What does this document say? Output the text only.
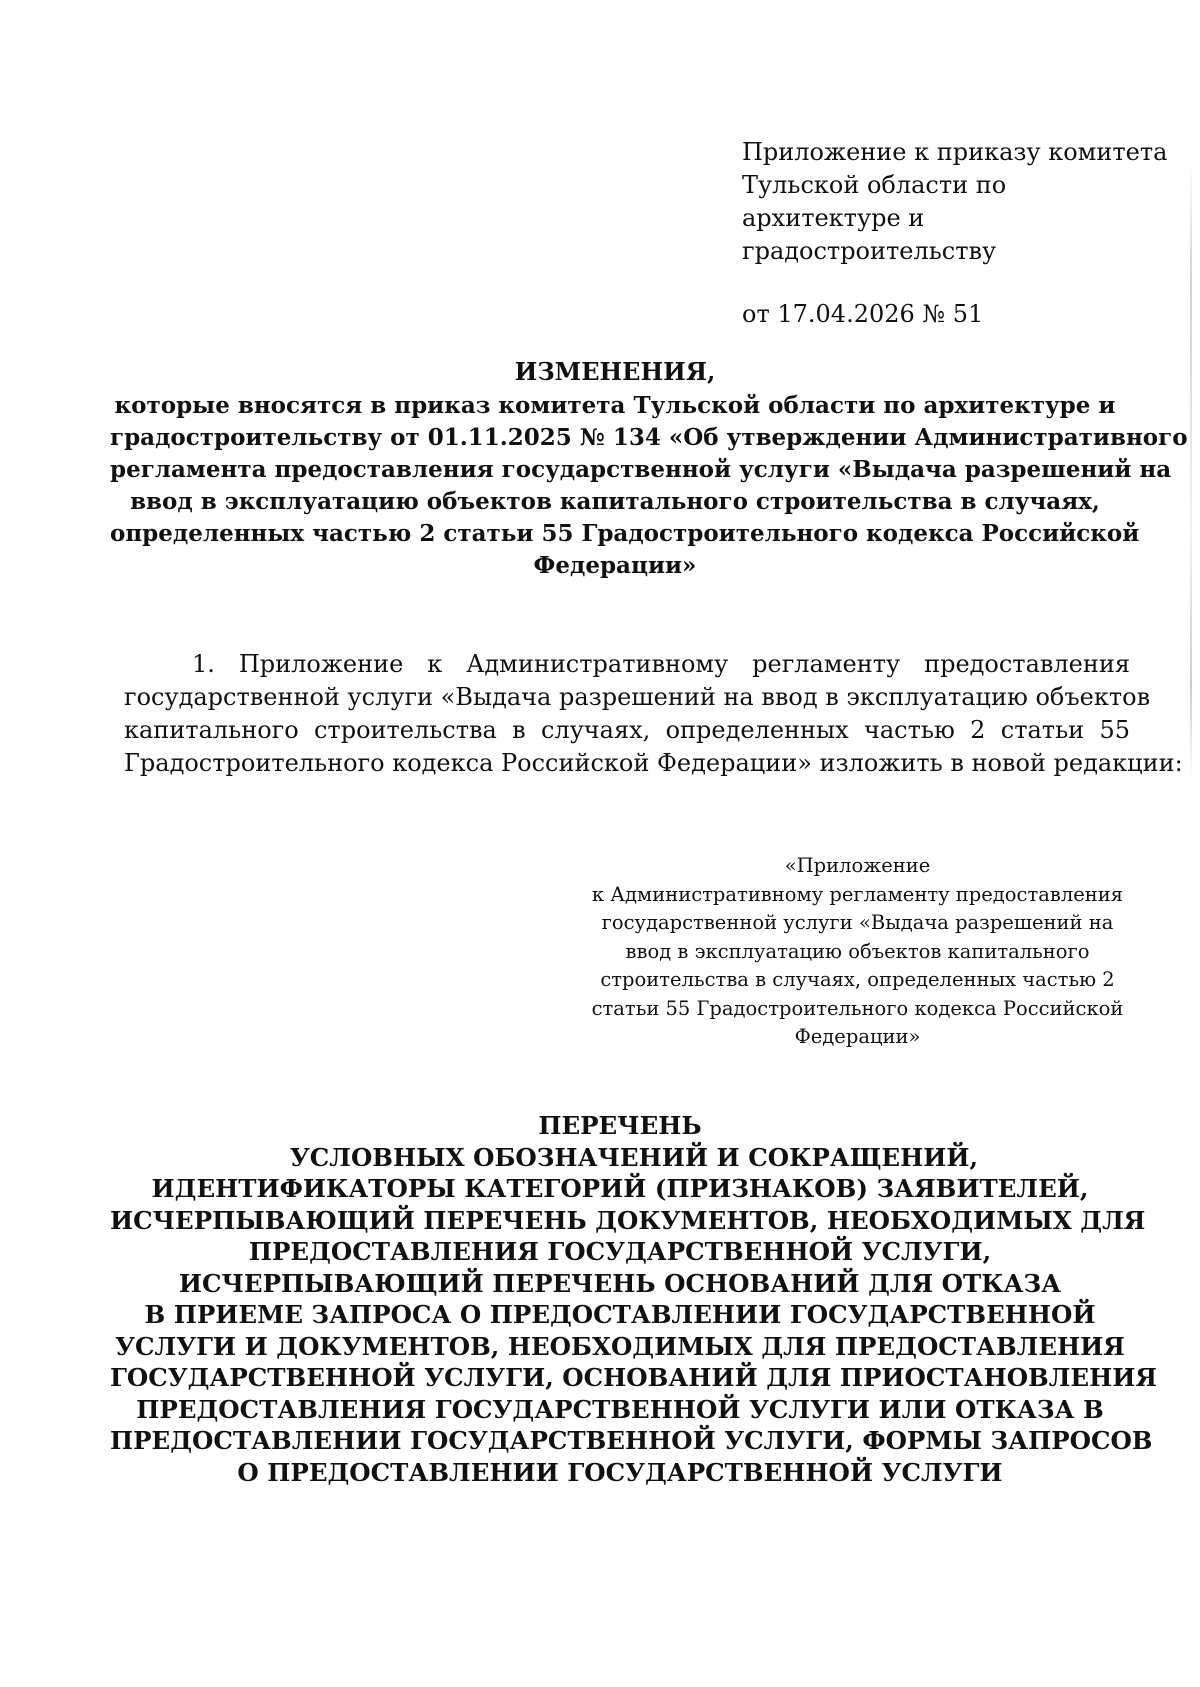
Приложение к приказу комитета
Тульской области по
архитектуре и
градостроительству
от 17.04.2026 № 51
ИЗМЕНЕНИЯ,
которые вносятся в приказ комитета Тульской области по архитектуре и
градостроительству от 01.11.2025 № 134 «Об утверждении Административного
регламента предоставления государственной услуги «Выдача разрешений на
ввод в эксплуатацию объектов капитального строительства в случаях,
определенных частью 2 статьи 55 Градостроительного кодекса Российской
Федерации»
1. Приложение к Административному регламенту предоставления
государственной услуги «Выдача разрешений на ввод в эксплуатацию объектов
капитального строительства в случаях, определенных частью 2 статьи 55
Градостроительного кодекса Российской Федерации» изложить в новой редакции:
«Приложение
к Административному регламенту предоставления
государственной услуги «Выдача разрешений на
ввод в эксплуатацию объектов капитального
строительства в случаях, определенных частью 2
статьи 55 Градостроительного кодекса Российской
Федерации»
ПЕРЕЧЕНЬ
УСЛОВНЫХ ОБОЗНАЧЕНИЙ И СОКРАЩЕНИЙ,
ИДЕНТИФИКАТОРЫ КАТЕГОРИЙ (ПРИЗНАКОВ) ЗАЯВИТЕЛЕЙ,
ИСЧЕРПЫВАЮЩИЙ ПЕРЕЧЕНЬ ДОКУМЕНТОВ, НЕОБХОДИМЫХ ДЛЯ
ПРЕДОСТАВЛЕНИЯ ГОСУДАРСТВЕННОЙ УСЛУГИ,
ИСЧЕРПЫВАЮЩИЙ ПЕРЕЧЕНЬ ОСНОВАНИЙ ДЛЯ ОТКАЗА
В ПРИЕМЕ ЗАПРОСА О ПРЕДОСТАВЛЕНИИ ГОСУДАРСТВЕННОЙ
УСЛУГИ И ДОКУМЕНТОВ, НЕОБХОДИМЫХ ДЛЯ ПРЕДОСТАВЛЕНИЯ
ГОСУДАРСТВЕННОЙ УСЛУГИ, ОСНОВАНИЙ ДЛЯ ПРИОСТАНОВЛЕНИЯ
ПРЕДОСТАВЛЕНИЯ ГОСУДАРСТВЕННОЙ УСЛУГИ ИЛИ ОТКАЗА В
ПРЕДОСТАВЛЕНИИ ГОСУДАРСТВЕННОЙ УСЛУГИ, ФОРМЫ ЗАПРОСОВ
О ПРЕДОСТАВЛЕНИИ ГОСУДАРСТВЕННОЙ УСЛУГИ
